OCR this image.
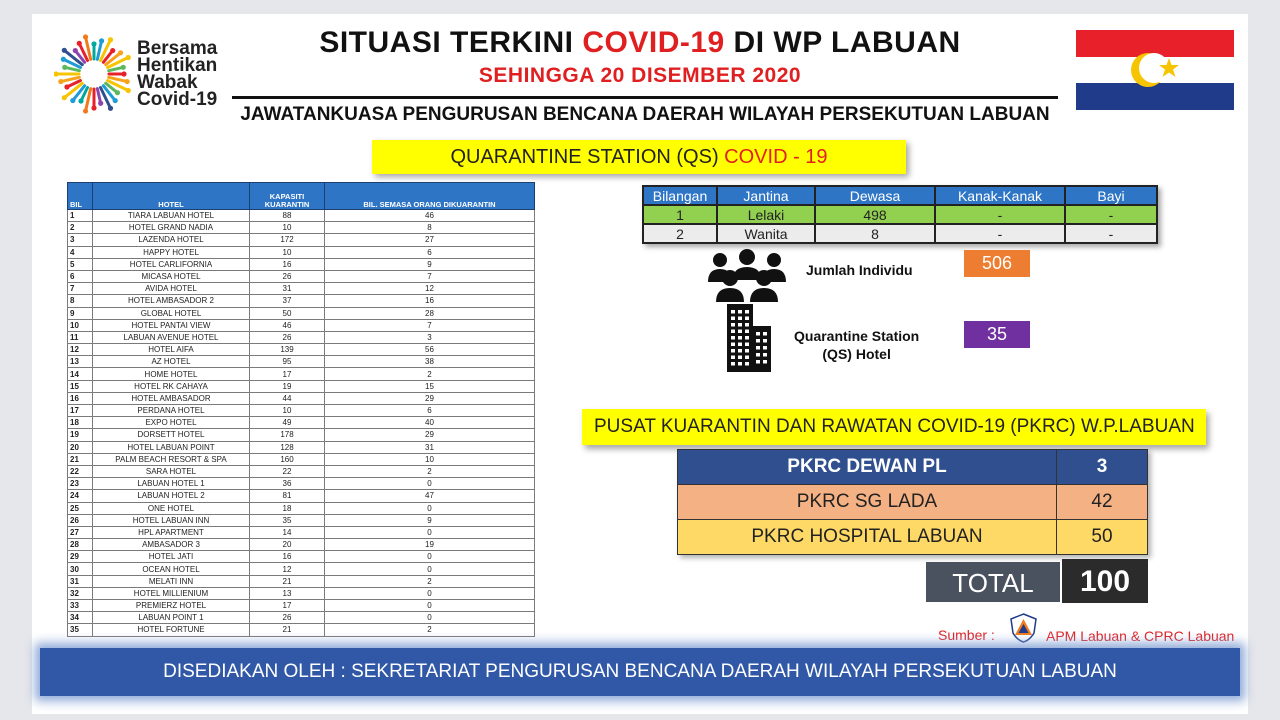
Bersama
Hentikan
Wabak
Covid-19
SITUASI TERKINI COVID-19 DI WP LABUAN
SEHINGGA 20 DISEMBER 2020
JAWATANKUASA PENGURUSAN BENCANA DAERAH WILAYAH PERSEKUTUAN LABUAN
QUARANTINE STATION (QS) COVID - 19
BIL	HOTEL	KAPASITI KUARANTIN	BIL. SEMASA ORANG DIKUARANTIN
1	TIARA LABUAN HOTEL	88	46
2	HOTEL GRAND NADIA	10	8
3	LAZENDA HOTEL	172	27
4	HAPPY HOTEL	10	6
5	HOTEL CARLIFORNIA	16	9
6	MICASA HOTEL	26	7
7	AVIDA HOTEL	31	12
8	HOTEL AMBASADOR 2	37	16
9	GLOBAL HOTEL	50	28
10	HOTEL PANTAI VIEW	46	7
11	LABUAN AVENUE HOTEL	26	3
12	HOTEL AIFA	139	56
13	AZ HOTEL	95	38
14	HOME HOTEL	17	2
15	HOTEL RK CAHAYA	19	15
16	HOTEL AMBASADOR	44	29
17	PERDANA HOTEL	10	6
18	EXPO HOTEL	49	40
19	DORSETT HOTEL	178	29
20	HOTEL LABUAN POINT	128	31
21	PALM BEACH RESORT & SPA	160	10
22	SARA HOTEL	22	2
23	LABUAN HOTEL 1	36	0
24	LABUAN HOTEL 2	81	47
25	ONE HOTEL	18	0
26	HOTEL LABUAN INN	35	9
27	HPL APARTMENT	14	0
28	AMBASADOR 3	20	19
29	HOTEL JATI	16	0
30	OCEAN HOTEL	12	0
31	MELATI INN	21	2
32	HOTEL MILLIENIUM	13	0
33	PREMIERZ HOTEL	17	0
34	LABUAN POINT 1	26	0
35	HOTEL FORTUNE	21	2
Bilangan	Jantina	Dewasa	Kanak-Kanak	Bayi
1	Lelaki	498	-	-
2	Wanita	8	-	-
Jumlah Individu	506
Quarantine Station
(QS) Hotel
35
PUSAT KUARANTIN DAN RAWATAN COVID-19 (PKRC) W.P.LABUAN
PKRC DEWAN PL	3
PKRC SG LADA	42
PKRC HOSPITAL LABUAN	50
TOTAL	100
Sumber :	APM Labuan & CPRC Labuan
DISEDIAKAN OLEH : SEKRETARIAT PENGURUSAN BENCANA DAERAH WILAYAH PERSEKUTUAN LABUAN
